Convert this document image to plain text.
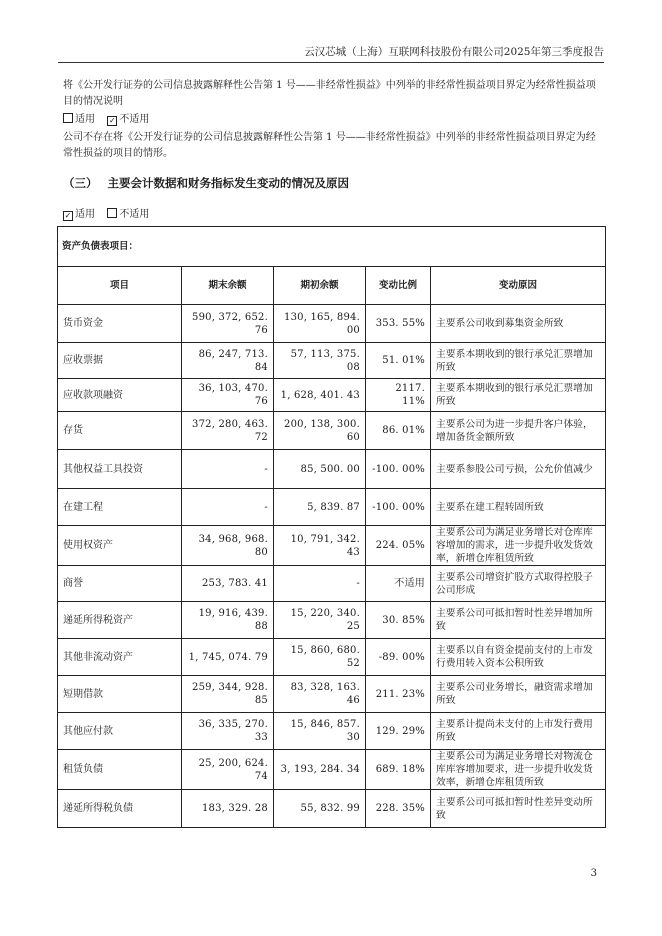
云汉芯城（上海）互联网科技股份有限公司2025年第三季度报告
将《公开发行证券的公司信息披露解释性公告第 1 号——非经常性损益》中列举的非经常性损益项目界定为经常性损益项目的情况说明
适用 ✓ 不适用
公司不存在将《公开发行证券的公司信息披露解释性公告第 1 号——非经常性损益》中列举的非经常性损益项目界定为经常性损益的项目的情形。
（三） 主要会计数据和财务指标发生变动的情况及原因
✓ 适用 不适用
资产负债表项目：				
项目	期末余额	期初余额	变动比例	变动原因
货币资金	590, 372, 652. 76	130, 165, 894. 00	353. 55%	主要系公司收到募集资金所致
应收票据	86, 247, 713. 84	57, 113, 375. 08	51. 01%	主要系本期收到的银行承兑汇票增加所致
应收款项融资	36, 103, 470. 76	1, 628, 401. 43	2117. 11%	主要系本期收到的银行承兑汇票增加所致
存货	372, 280, 463. 72	200, 138, 300. 60	86. 01%	主要系公司为进一步提升客户体验，增加备货金额所致
其他权益工具投资	-	85, 500. 00	-100. 00%	主要系参股公司亏损，公允价值减少
在建工程	-	5, 839. 87	-100. 00%	主要系在建工程转固所致
使用权资产	34, 968, 968. 80	10, 791, 342. 43	224. 05%	主要系公司为满足业务增长对仓库库容增加的需求，进一步提升收发货效率，新增仓库租赁所致
商誉	253, 783. 41	-	不适用	主要系公司增资扩股方式取得控股子公司形成
递延所得税资产	19, 916, 439. 88	15, 220, 340. 25	30. 85%	主要系公司可抵扣暂时性差异增加所致
其他非流动资产	1, 745, 074. 79	15, 860, 680. 52	-89. 00%	主要系以自有资金提前支付的上市发行费用转入资本公积所致
短期借款	259, 344, 928. 85	83, 328, 163. 46	211. 23%	主要系公司业务增长，融资需求增加所致
其他应付款	36, 335, 270. 33	15, 846, 857. 30	129. 29%	主要系计提尚未支付的上市发行费用所致
租赁负债	25, 200, 624. 74	3, 193, 284. 34	689. 18%	主要系公司为满足业务增长对物流仓库库容增加要求，进一步提升收发货效率，新增仓库租赁所致
递延所得税负债	183, 329. 28	55, 832. 99	228. 35%	主要系公司可抵扣暂时性差异变动所致
3
